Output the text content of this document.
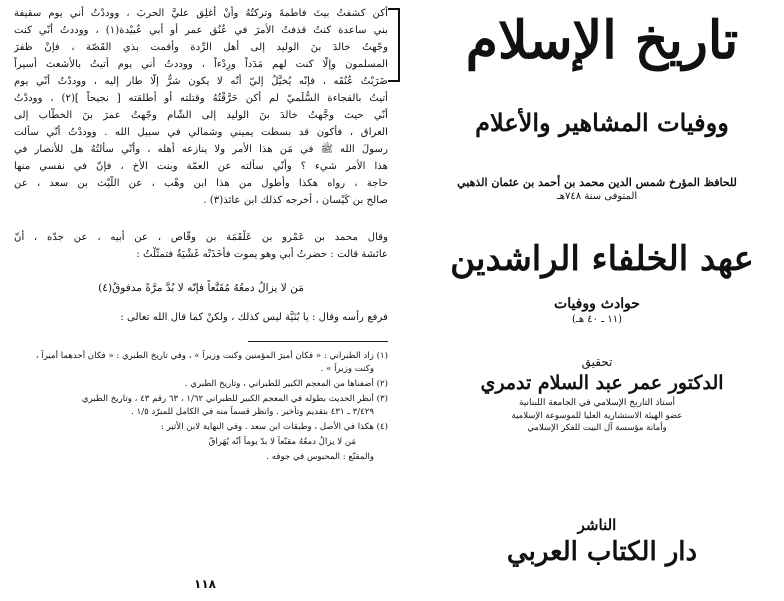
أكن كشفتُ بيتَ فاطمةَ وتركتُهُ وأنْ أُغلِق عليَّ الحربَ ، ووددْتُ أني يوم سقيفة
بني ساعدة كنتُ قذفتُ الأمرَ في عُنُق عمر أو أبي عُبيْدة(١) ، ووددتُ أنّي كنت
وجّهتُ خالدَ بنَ الوليد إلى أهل الرِّدة وأقمت بذي القَصّة ، فإنْ ظفرَ
المسلمون وإلّا كنت لهم مَدَداً ورِدْءاً ، ووددتُ أني يوم أتيتُ بالأشعث أسيراً
ضَرَبْتُ عُنُقَه ، فإنّه يُخيَّلُ إليّ أنّه لا يكون شرٌّ إلّا طار إليه ، ووددْتُ أنّي يوم
أُتيتُ بالفجاءة السُّلَميّ لم أكن حَرَّقْتُهُ وقتلته أو أطلقته [ نجيحاً ](٢) ، ووددْتُ
أنّي حيث وجَّهتُ خالدَ بنَ الوليد إلى الشّام وجّهتُ عمرَ بنَ الخطّاب إلى
العراق ، فأكون قد بسطت يميني وشمالي في سبيل الله . ووددْتُ أنّي سألت
رسولَ الله ﷺ في مَن هذا الأمر ولا ينازعه أهله ، وأنّي سألتُهُ هل للأنصار في
هذا الأمر شيء ؟ وأنّي سألته عن العمّة وبنت الأخ ، فإنّ في نفسي منها
حاجة ، رواه هكذا وأطول من هذا ابن وهْب ، عن اللّيْث بن سعد ، عن
صالح بن كَيْسان ، أخرجه كذلك ابن عائذ(٣) .
وقال محمد بن عَمْرو بن عَلْقَمَة بن وقّاص ، عن أبيه ، عن جدّه ، أنّ
عائشة قالت : حضرتُ أبي وهو يموت فأخَذَتْه غَشْيَةٌ فتمثّلْتُ :
مَن لا يزالُ دمعُهُ مُقَنَّعاً فإنّه لا بُدَّ مرَّةً مدفوقُ(٤)
فرفع رأسه وقال : يا بُنَيَّة ليس كذلك ، ولكنْ كما قال الله تعالى :
(١) زاد الطبراني : « فكان أميرَ المؤمنين وكنت وزيراً » ، وفي تاريخ الطبري : « فكان أحدهما أميراً ،
وكنت وزيراً » .
(٢) أضفناها من المعجم الكبير للطبراني ، وتاريخ الطبري .
(٣) أنظر الحديث بطوله في المعجم الكبير للطبراني ١/٦٢ ، ٦٣ رقم ٤٣ ، وتاريخ الطبري
٣/٤٢٩ ـ ٤٣١ بتقديم وتأخير . وانظر قسماً منه في الكامل للمبرّد ١/٥ .
(٤) هكذا في الأصل ، وطبقات ابن سعد . وفي النهاية لابن الأثير :
مَن لا يزالُ دمعُهُ مقنّعاً لا بدّ يوماً أنّه يُهَراقُ
والمقنّع : المحبوس في جوفه .
١١٨
تاريخ الإسلام
ووفيات المشاهير والأعلام
للحافظ المؤرخ شمس الدين محمد بن أحمد بن عثمان الذهبي
المتوفى سنة ٧٤٨هـ
عهد الخلفاء الراشدين
حوادث ووفيات
(١١ ـ ٤٠ هـ)
تحقيق
الدكتور عمر عبد السلام تدمري
أستاذ التاريخ الإسلامي في الجامعة اللبنانية
عضو الهيئة الاستشارية العليا للموسوعة الإسلامية
وأمانة مؤسسة آل البيت للفكر الإسلامي
الناشر
دار الكتاب العربي
